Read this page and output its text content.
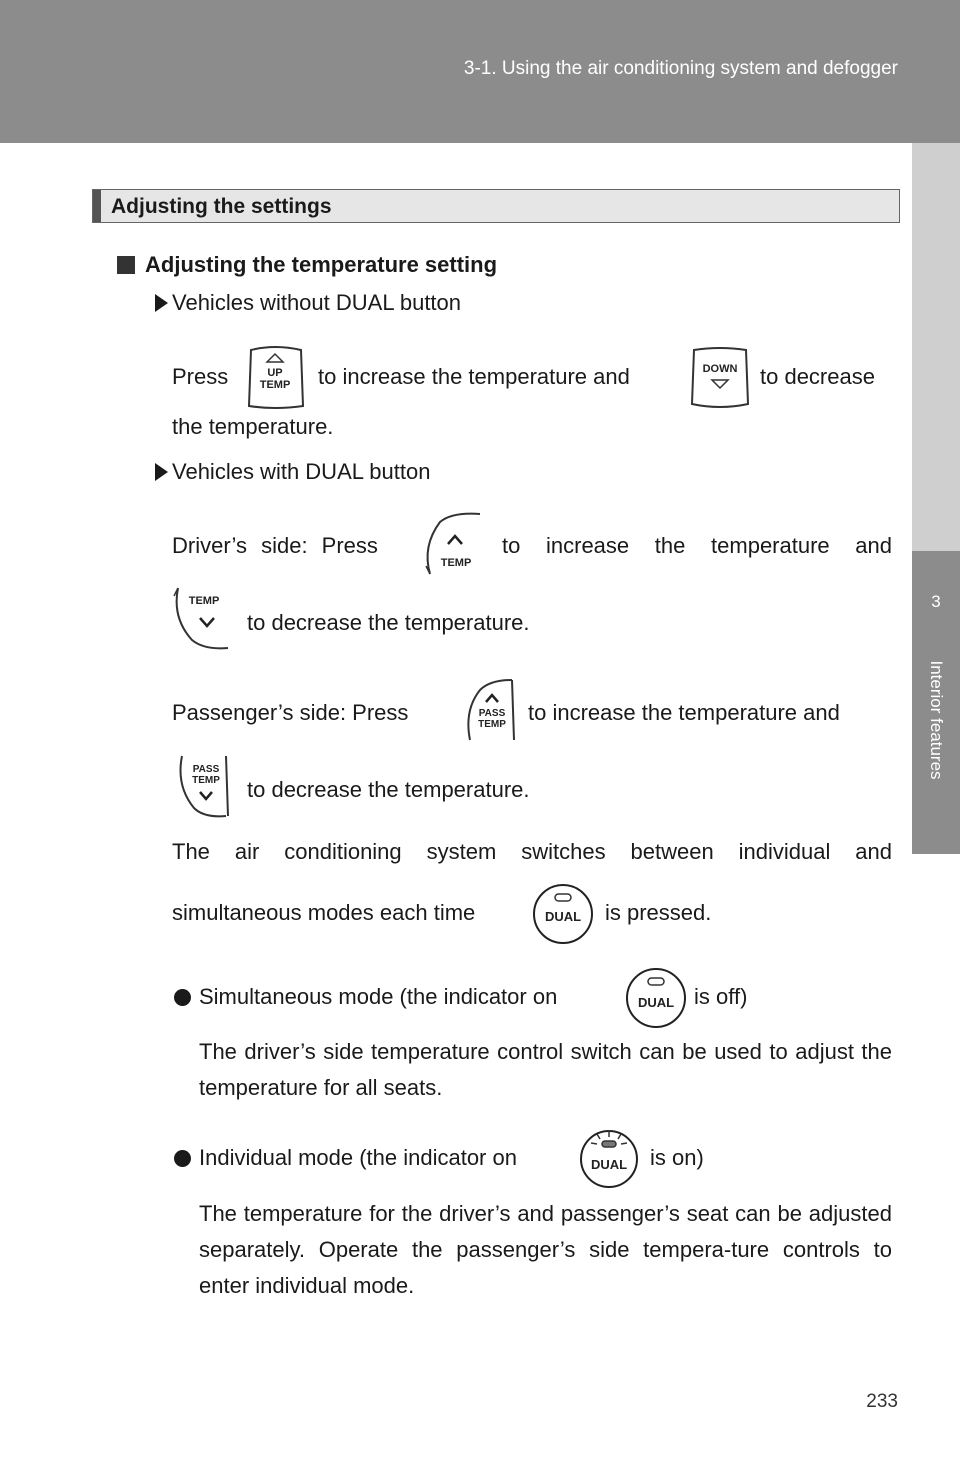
3-1. Using the air conditioning system and defogger
3
Interior features
Adjusting the settings
Adjusting the temperature setting
Vehicles without DUAL button
Press	UP
TEMP to increase the temperature and	DOWN to decrease
the temperature.
Vehicles with DUAL button
Driver’s side: Press
TEMP
to increase the temperature and
TEMP
to decrease the temperature.
Passenger’s side: Press	PASS
TEMP to increase the temperature and
PASS
TEMP to decrease the temperature.
The air conditioning system switches between individual and
simultaneous modes each time	DUAL is pressed.
Simultaneous mode (the indicator on	DUAL is off)
The driver’s side temperature control switch can be used to adjust the temperature for all seats.
Individual mode (the indicator on	DUAL is on)
The temperature for the driver’s and passenger’s seat can be adjusted separately. Operate the passenger’s side tempera-ture controls to enter individual mode.
233
